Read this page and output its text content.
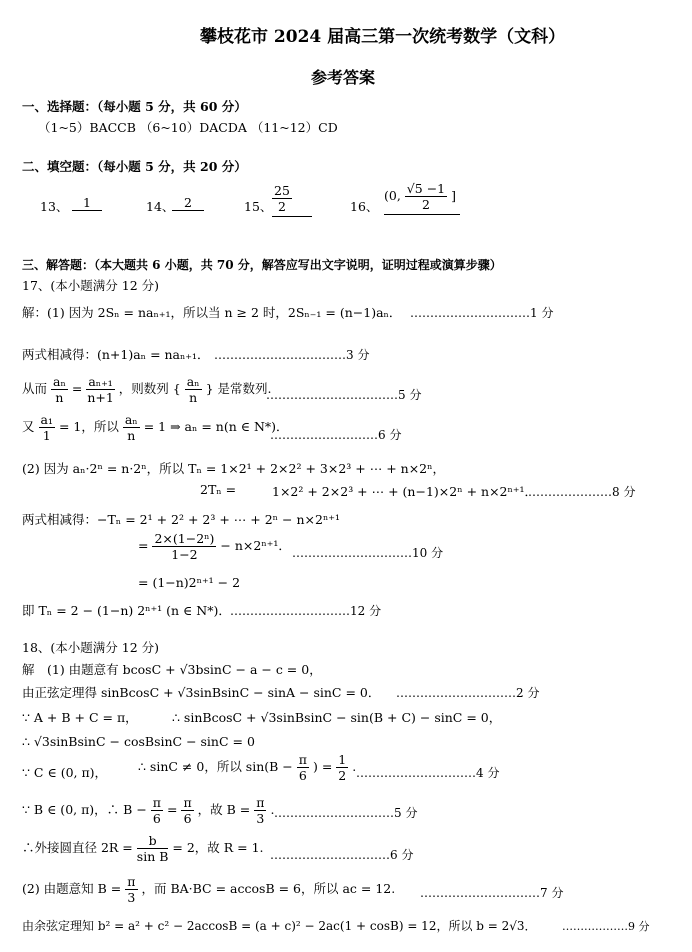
攀枝花市 2024 届高三第一次统考数学（文科）
参考答案
一、选择题：（每小题 5 分，共 60 分）
（1~5）BACCB （6~10）DACDA （11~12）CD
二、填空题：（每小题 5 分，共 20 分）
13、	1	14、 2	15、 $\frac{25}{2}$	16、
(0, $\frac{√5 -1}{2}$ ]
三、解答题：（本大题共 6 小题，共 70 分，解答应写出文字说明，证明过程或演算步骤）
17、(本小题满分 12 分)
解：(1) 因为 2Sₙ = naₙ₊₁，所以当 n ≥ 2 时，2Sₙ₋₁ = (n−1)aₙ． …………………………1 分
两式相减得：(n+1)aₙ = naₙ₊₁． ……………………………3 分
从而 $\frac{\text{aₙ}}{n} = \frac{\text{aₙ₊₁}}{n+1}$ ，则数列 { $\frac{\text{aₙ}}{n}$ } 是常数列.
……………………………5 分
又 $\frac{\text{a₁}}{1} = 1$，所以 $\frac{\text{aₙ}}{n} = 1$ ⇒ aₙ = n(n ∈ N*)．
………………………6 分
(2) 因为 aₙ·2ⁿ = n·2ⁿ，所以 Tₙ = 1×2¹ + 2×2² + 3×2³ + ⋯ + n×2ⁿ，
2Tₙ =	1×2² + 2×2³ + ⋯ + (n−1)×2ⁿ + n×2ⁿ⁺¹．
…………………8 分
两式相减得：−Tₙ = 2¹ + 2² + 2³ + ⋯ + 2ⁿ − n×2ⁿ⁺¹
= $\frac{\text{2×(1−2ⁿ)}}{1-2} - n\times 2^{n+1}$． …………………………10 分
= (1−n)2ⁿ⁺¹ − 2
即 Tₙ = 2 − (1−n) 2ⁿ⁺¹ (n ∈ N*)． …………………………12 分
18、(本小题满分 12 分)
解　(1) 由题意有 bcosC + √3bsinC − a − c = 0，
由正弦定理得 sinBcosC + √3sinBsinC − sinA − sinC = 0． …………………………2 分
∵ A + B + C = π，	∴ sinBcosC + √3sinBsinC − sin(B + C) − sinC = 0，
∴ √3sinBsinC − cosBsinC − sinC = 0
∵ C ∈ (0, π)， ∴ sinC ≠ 0，所以 $\sin(B - \frac{\pi}{6}$ ) = $\frac{1}{2}$ . …………………………4 分
∵ B ∈ (0, π)，∴ $B - \frac{\pi}{6} = \frac{\pi}{6}$ ，故 $B = \frac{\pi}{3}$ . …………………………5 分
∴外接圆直径 $2R = \frac{b}{\text{sin B}} = 2$，故 R = 1. …………………………6 分
(2) 由题意知 $B = \frac{\pi}{3}$ ，而 BA·BC = accosB = 6，所以 ac = 12. …………………………7 分
由余弦定理知 b² = a² + c² − 2accosB = (a + c)² − 2ac(1 + cosB) = 12，所以 b = 2√3． ………………9 分
